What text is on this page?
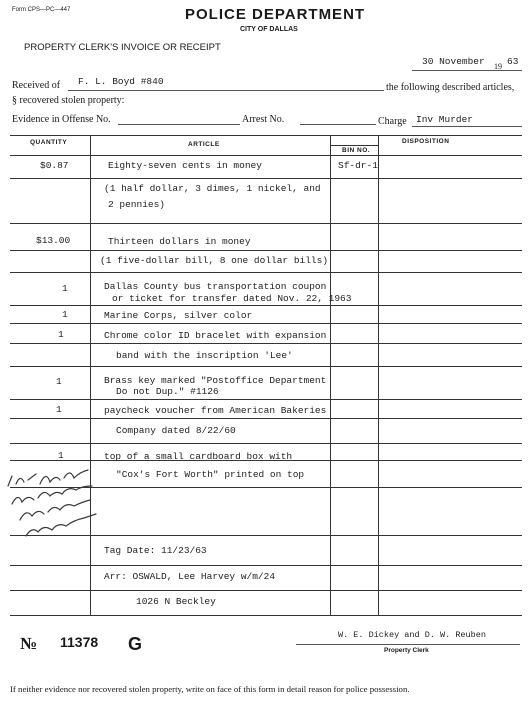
Form CPS—PC—447	POLICE DEPARTMENT
CITY OF DALLAS
PROPERTY CLERK'S INVOICE OR RECEIPT
30 November 19 63
Received of F. L. Boyd #840
the following described articles,
§ recovered stolen property:
Evidence in Offense No.	Arrest No.	Charge Inv Murder
QUANTITY	ARTICLE
BIN NO.
DISPOSITION
$0.87	Eighty-seven cents in money	Sf-dr-1
(1 half dollar, 3 dimes, 1 nickel, and
2 pennies)
$13.00	Thirteen dollars in money
(1 five-dollar bill, 8 one dollar bills)
1	Dallas County bus transportation coupon
or ticket for transfer dated Nov. 22, 1963
1	Marine Corps, silver color
1	Chrome color ID bracelet with expansion
band with the inscription 'Lee'
1	Brass key marked "Postoffice Department
Do not Dup." #1126
1	paycheck voucher from American Bakeries
Company dated 8/22/60
1	top of a small cardboard box with
"Cox's Fort Worth" printed on top
Tag Date: 11/23/63
Arr: OSWALD, Lee Harvey w/m/24
1026 N Beckley
№ 11378 G	W. E. Dickey and D. W. Reuben
Property Clerk
If neither evidence nor recovered stolen property, write on face of this form in detail reason for police possession.
